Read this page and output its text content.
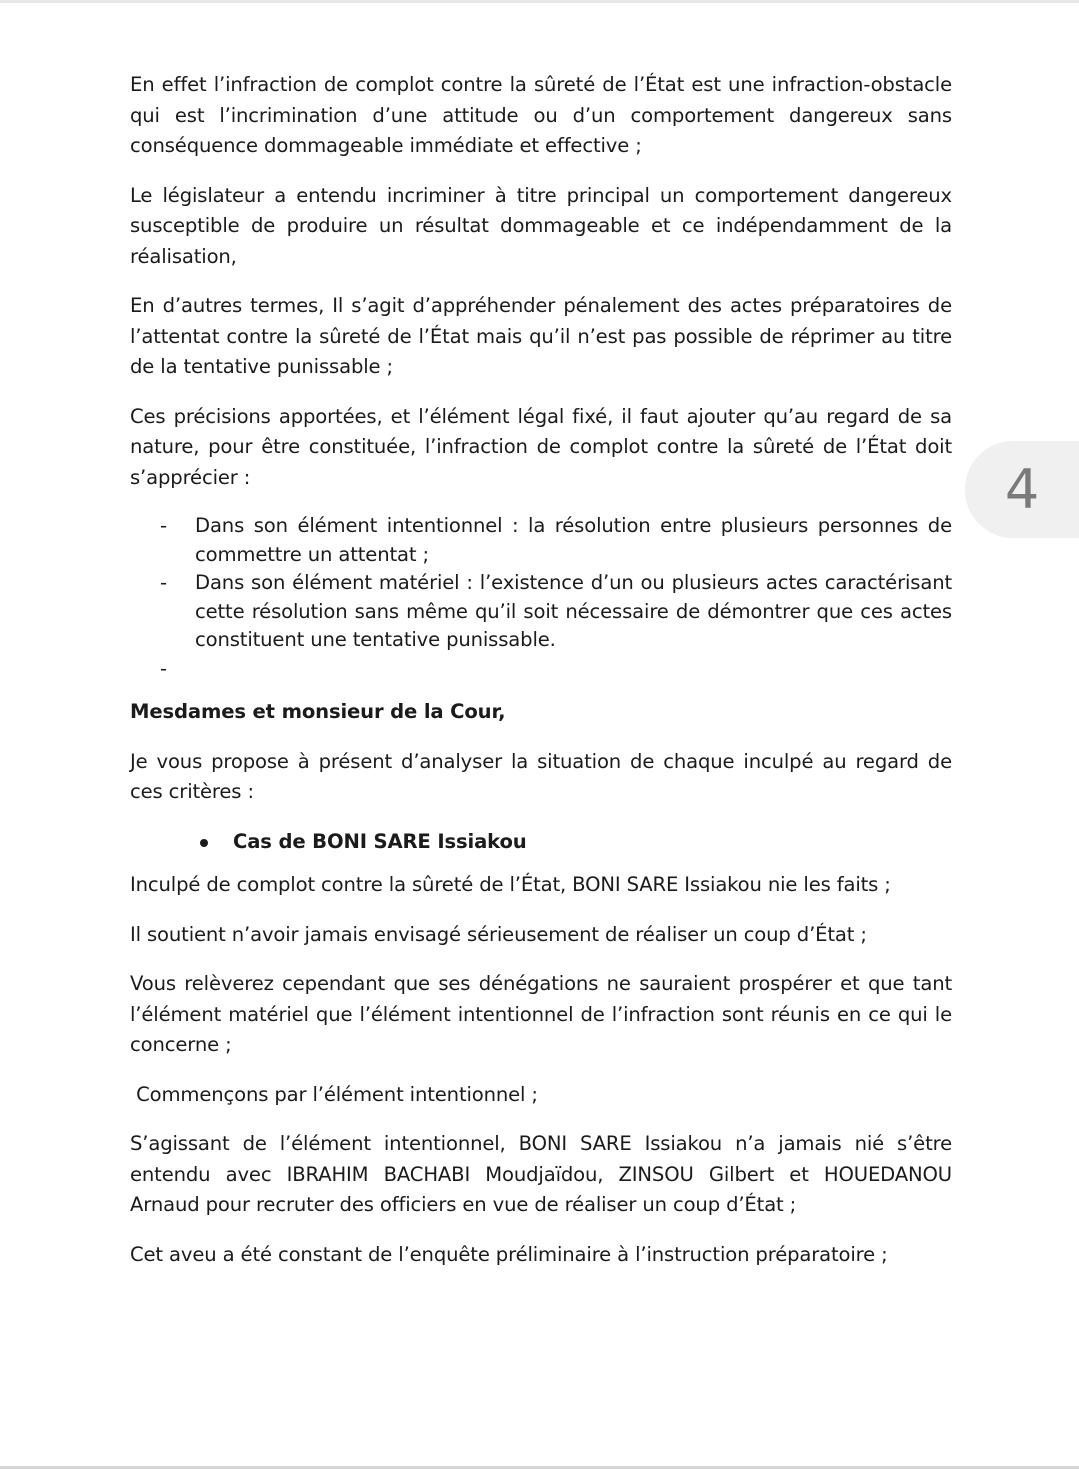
En effet l’infraction de complot contre la sûreté de l’État est une infraction-obstacle qui est l’incrimination d’une attitude ou d’un comportement dangereux sans conséquence dommageable immédiate et effective ;

Le législateur a entendu incriminer à titre principal un comportement dangereux susceptible de produire un résultat dommageable et ce indépendamment de la réalisation,

En d’autres termes, Il s’agit d’appréhender pénalement des actes préparatoires de l’attentat contre la sûreté de l’État mais qu’il n’est pas possible de réprimer au titre de la tentative punissable ;

Ces précisions apportées, et l’élément légal fixé, il faut ajouter qu’au regard de sa nature, pour être constituée, l’infraction de complot contre la sûreté de l’État doit s’apprécier :

- Dans son élément intentionnel : la résolution entre plusieurs personnes de commettre un attentat ;
- Dans son élément matériel : l’existence d’un ou plusieurs actes caractérisant cette résolution sans même qu’il soit nécessaire de démontrer que ces actes constituent une tentative punissable.
-

Mesdames et monsieur de la Cour,

Je vous propose à présent d’analyser la situation de chaque inculpé au regard de ces critères :

Cas de BONI SARE Issiakou

Inculpé de complot contre la sûreté de l’État, BONI SARE Issiakou nie les faits ;

Il soutient n’avoir jamais envisagé sérieusement de réaliser un coup d’État ;

Vous relèverez cependant que ses dénégations ne sauraient prospérer et que tant l’élément matériel que l’élément intentionnel de l’infraction sont réunis en ce qui le concerne ;

Commençons par l’élément intentionnel ;

S’agissant de l’élément intentionnel, BONI SARE Issiakou n’a jamais nié s’être entendu avec IBRAHIM BACHABI Moudjaïdou, ZINSOU Gilbert et HOUEDANOU Arnaud pour recruter des officiers en vue de réaliser un coup d’État ;

Cet aveu a été constant de l’enquête préliminaire à l’instruction préparatoire ;

4
